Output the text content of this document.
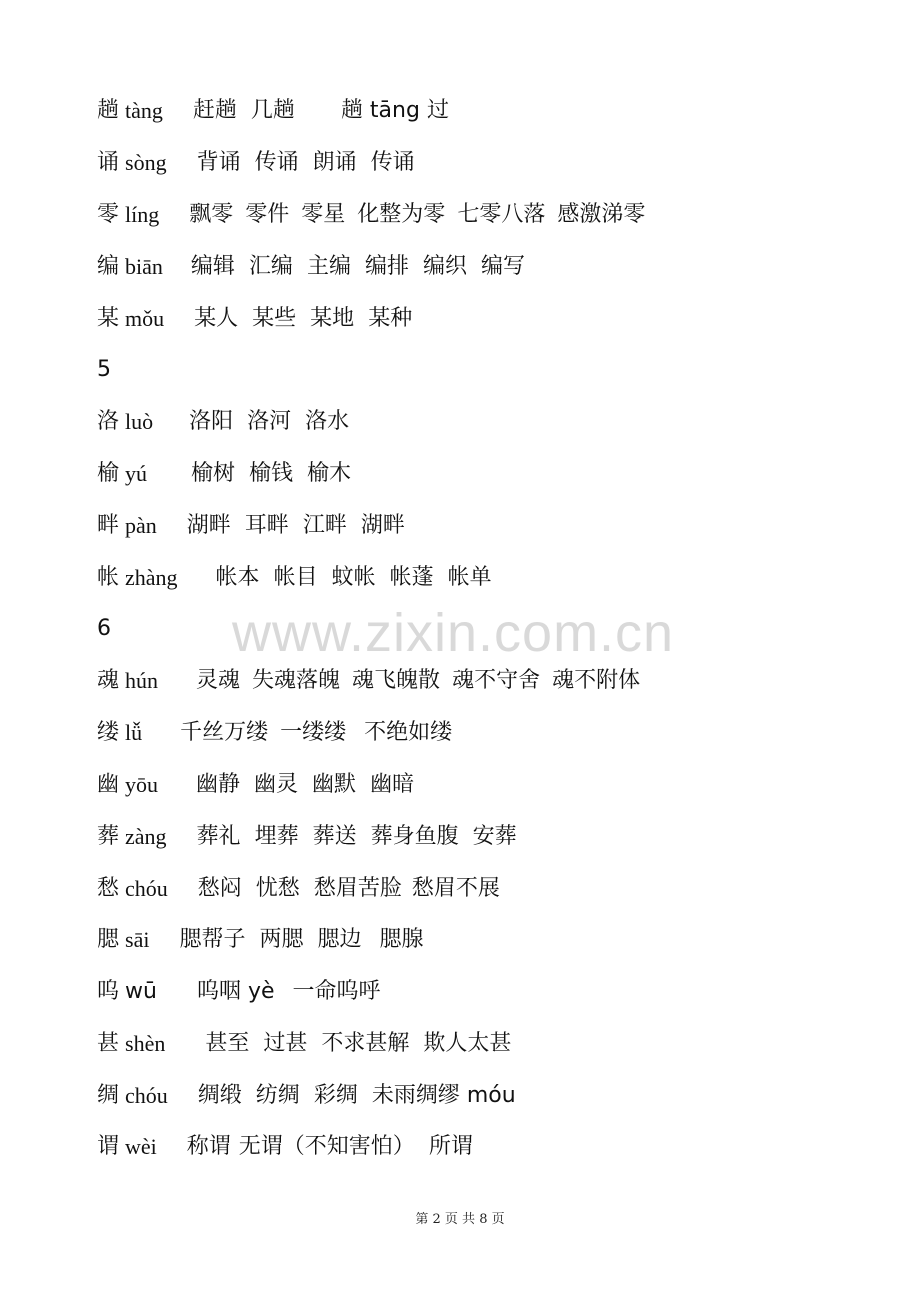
www.zixin.com.cn
趟 tàng 赶趟 几趟 趟 tāng 过
诵 sòng 背诵 传诵 朗诵 传诵
零 líng 飘零 零件 零星 化整为零 七零八落 感激涕零
编 biān 编辑 汇编 主编 编排 编织 编写
某 mǒu 某人 某些 某地 某种
5
洛 luò 洛阳 洛河 洛水
榆 yú 榆树 榆钱 榆木
畔 pàn 湖畔 耳畔 江畔 湖畔
帐 zhàng 帐本 帐目 蚊帐 帐蓬 帐单
6
魂 hún 灵魂 失魂落魄 魂飞魄散 魂不守舍 魂不附体
缕 lǚ 千丝万缕 一缕缕 不绝如缕
幽 yōu 幽静 幽灵 幽默 幽暗
葬 zàng 葬礼 埋葬 葬送 葬身鱼腹 安葬
愁 chóu 愁闷 忧愁 愁眉苦脸 愁眉不展
腮 sāi 腮帮子 两腮 腮边 腮腺
呜 wū 呜咽 yè 一命呜呼
甚 shèn 甚至 过甚 不求甚解 欺人太甚
绸 chóu 绸缎 纺绸 彩绸 未雨绸缪 móu
谓 wèi 称谓 无谓（不知害怕） 所谓
第 2 页 共 8 页
